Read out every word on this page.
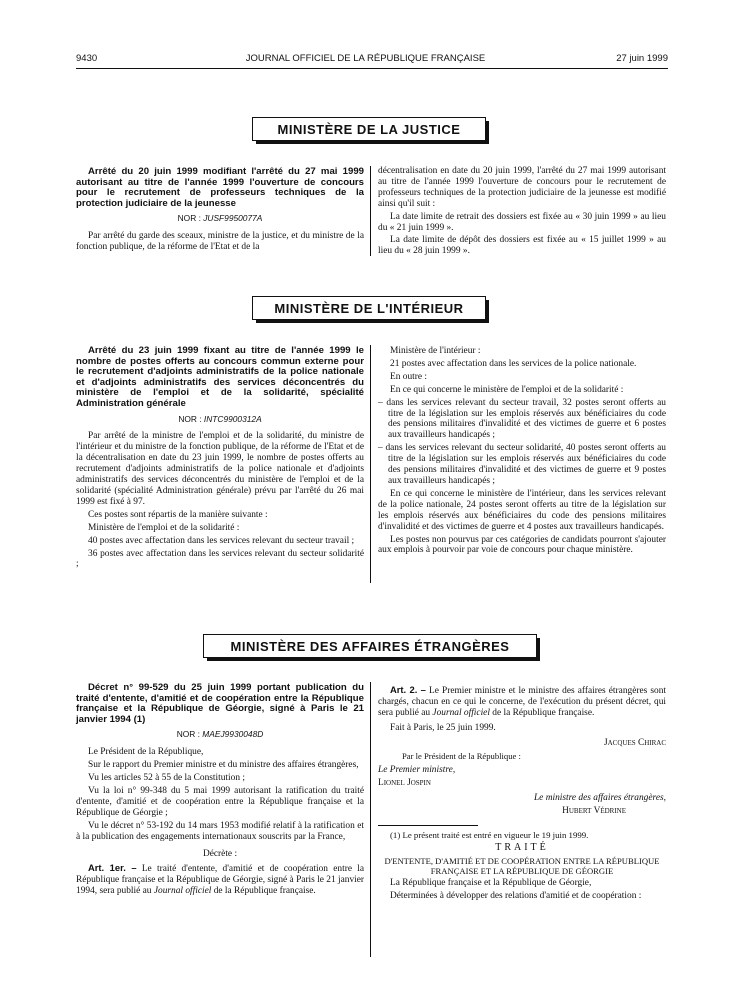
9430	JOURNAL OFFICIEL DE LA RÉPUBLIQUE FRANÇAISE	27 juin 1999
MINISTÈRE DE LA JUSTICE

Arrêté du 20 juin 1999 modifiant l'arrêté du 27 mai 1999 autorisant au titre de l'année 1999 l'ouverture de concours pour le recrutement de professeurs techniques de la protection judiciaire de la jeunesse

NOR : JUSF9950077A

Par arrêté du garde des sceaux, ministre de la justice, et du ministre de la fonction publique, de la réforme de l'Etat et de la

décentralisation en date du 20 juin 1999, l'arrêté du 27 mai 1999 autorisant au titre de l'année 1999 l'ouverture de concours pour le recrutement de professeurs techniques de la protection judiciaire de la jeunesse est modifié ainsi qu'il suit :

La date limite de retrait des dossiers est fixée au « 30 juin 1999 » au lieu du « 21 juin 1999 ».

La date limite de dépôt des dossiers est fixée au « 15 juillet 1999 » au lieu du « 28 juin 1999 ».

MINISTÈRE DE L'INTÉRIEUR

Arrêté du 23 juin 1999 fixant au titre de l'année 1999 le nombre de postes offerts au concours commun externe pour le recrutement d'adjoints administratifs de la police nationale et d'adjoints administratifs des services déconcentrés du ministère de l'emploi et de la solidarité, spécialité Administration générale

NOR : INTC9900312A

Par arrêté de la ministre de l'emploi et de la solidarité, du ministre de l'intérieur et du ministre de la fonction publique, de la réforme de l'Etat et de la décentralisation en date du 23 juin 1999, le nombre de postes offerts au recrutement d'adjoints administratifs de la police nationale et d'adjoints administratifs des services déconcentrés du ministère de l'emploi et de la solidarité (spécialité Administration générale) prévu par l'arrêté du 26 mai 1999 est fixé à 97.

Ces postes sont répartis de la manière suivante :

Ministère de l'emploi et de la solidarité :

40 postes avec affectation dans les services relevant du secteur travail ;

36 postes avec affectation dans les services relevant du secteur solidarité ;

Ministère de l'intérieur :

21 postes avec affectation dans les services de la police nationale.

En outre :

En ce qui concerne le ministère de l'emploi et de la solidarité :

– dans les services relevant du secteur travail, 32 postes seront offerts au titre de la législation sur les emplois réservés aux bénéficiaires du code des pensions militaires d'invalidité et des victimes de guerre et 6 postes aux travailleurs handicapés ;

– dans les services relevant du secteur solidarité, 40 postes seront offerts au titre de la législation sur les emplois réservés aux bénéficiaires du code des pensions militaires d'invalidité et des victimes de guerre et 9 postes aux travailleurs handicapés ;

En ce qui concerne le ministère de l'intérieur, dans les services relevant de la police nationale, 24 postes seront offerts au titre de la législation sur les emplois réservés aux bénéficiaires du code des pensions militaires d'invalidité et des victimes de guerre et 4 postes aux travailleurs handicapés.

Les postes non pourvus par ces catégories de candidats pourront s'ajouter aux emplois à pourvoir par voie de concours pour chaque ministère.

MINISTÈRE DES AFFAIRES ÉTRANGÈRES

Décret n° 99-529 du 25 juin 1999 portant publication du traité d'entente, d'amitié et de coopération entre la République française et la République de Géorgie, signé à Paris le 21 janvier 1994 (1)

NOR : MAEJ9930048D

Le Président de la République,

Sur le rapport du Premier ministre et du ministre des affaires étrangères,

Vu les articles 52 à 55 de la Constitution ;

Vu la loi n° 99-348 du 5 mai 1999 autorisant la ratification du traité d'entente, d'amitié et de coopération entre la République française et la République de Géorgie ;

Vu le décret n° 53-192 du 14 mars 1953 modifié relatif à la ratification et à la publication des engagements internationaux souscrits par la France,

Décrète :

Art. 1er. – Le traité d'entente, d'amitié et de coopération entre la République française et la République de Géorgie, signé à Paris le 21 janvier 1994, sera publié au Journal officiel de la République française.

Art. 2. – Le Premier ministre et le ministre des affaires étrangères sont chargés, chacun en ce qui le concerne, de l'exécution du présent décret, qui sera publié au Journal officiel de la République française.

Fait à Paris, le 25 juin 1999.

Jacques Chirac

Par le Président de la République :

Le Premier ministre,

Lionel Jospin

Le ministre des affaires étrangères,

Hubert Védrine

(1) Le présent traité est entré en vigueur le 19 juin 1999.

TRAITÉ

D'ENTENTE, D'AMITIÉ ET DE COOPÉRATION ENTRE LA RÉPUBLIQUE FRANÇAISE ET LA RÉPUBLIQUE DE GÉORGIE

La République française et la République de Géorgie,

Déterminées à développer des relations d'amitié et de coopération :
